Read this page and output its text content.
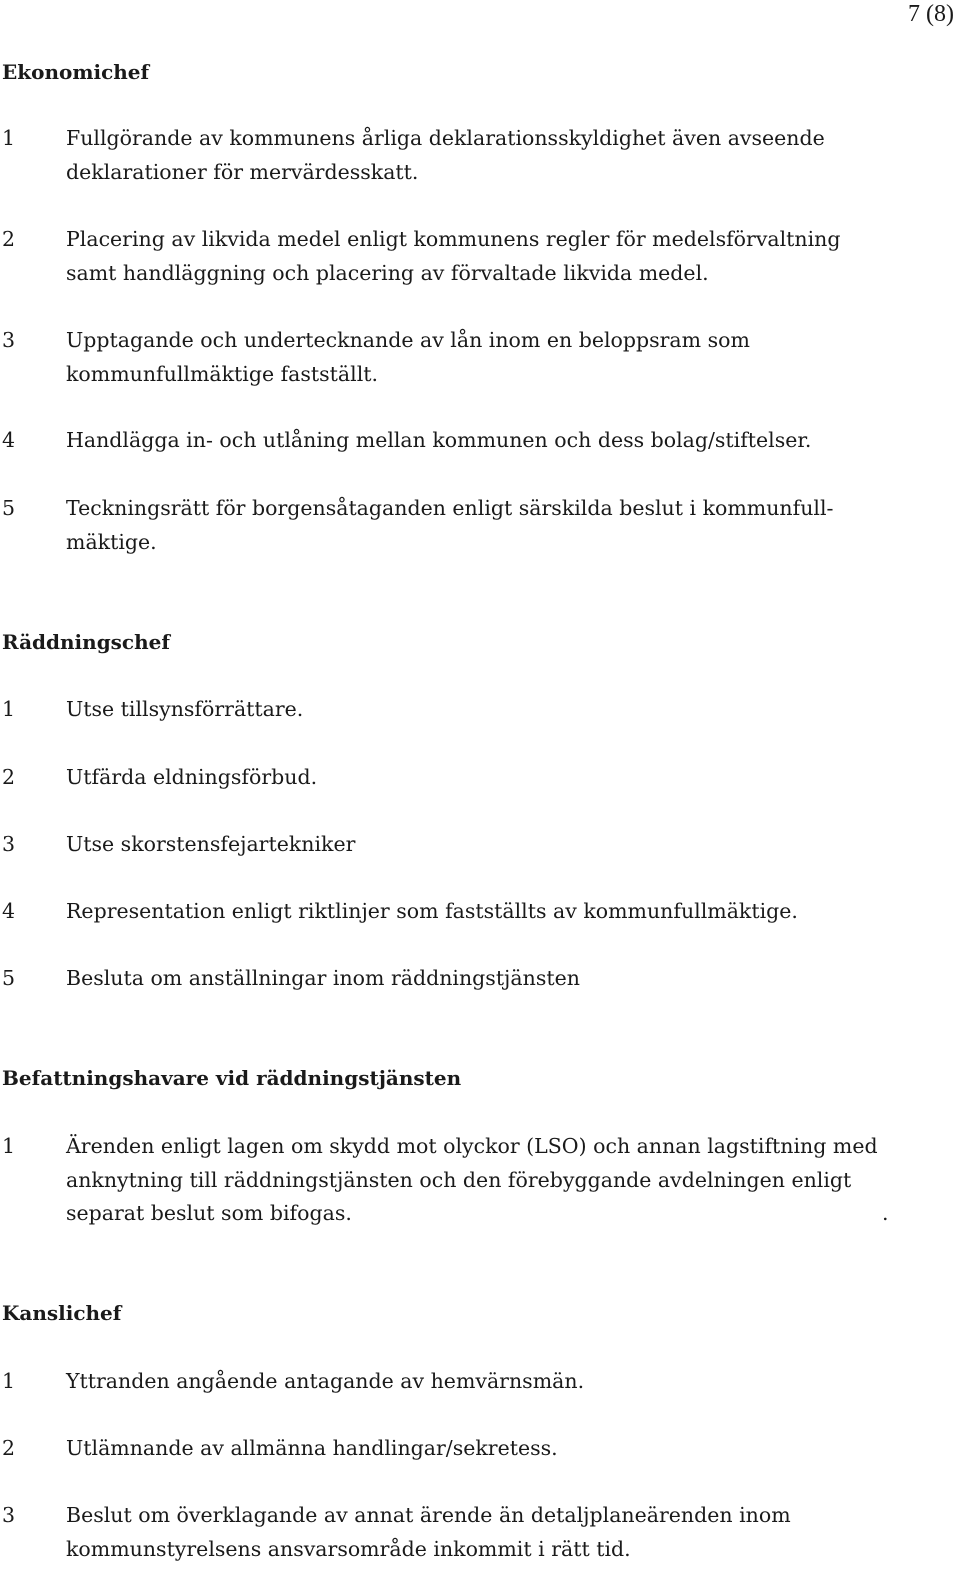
7 (8)
Ekonomichef
1 Fullgörande av kommunens årliga deklarationsskyldighet även avseende
deklarationer för mervärdesskatt.
2 Placering av likvida medel enligt kommunens regler för medelsförvaltning
samt handläggning och placering av förvaltade likvida medel.
3 Upptagande och undertecknande av lån inom en beloppsram som
kommunfullmäktige fastställt.
4 Handlägga in- och utlåning mellan kommunen och dess bolag/stiftelser.
5 Teckningsrätt för borgensåtaganden enligt särskilda beslut i kommunfull-
mäktige.
Räddningschef
1 Utse tillsynsförrättare.
2 Utfärda eldningsförbud.
3 Utse skorstensfejartekniker
4 Representation enligt riktlinjer som fastställts av kommunfullmäktige.
5 Besluta om anställningar inom räddningstjänsten
Befattningshavare vid räddningstjänsten
1 Ärenden enligt lagen om skydd mot olyckor (LSO) och annan lagstiftning med
anknytning till räddningstjänsten och den förebyggande avdelningen enligt
separat beslut som bifogas.	.
Kanslichef
1 Yttranden angående antagande av hemvärnsmän.
2 Utlämnande av allmänna handlingar/sekretess.
3 Beslut om överklagande av annat ärende än detaljplaneärenden inom
kommunstyrelsens ansvarsområde inkommit i rätt tid.
